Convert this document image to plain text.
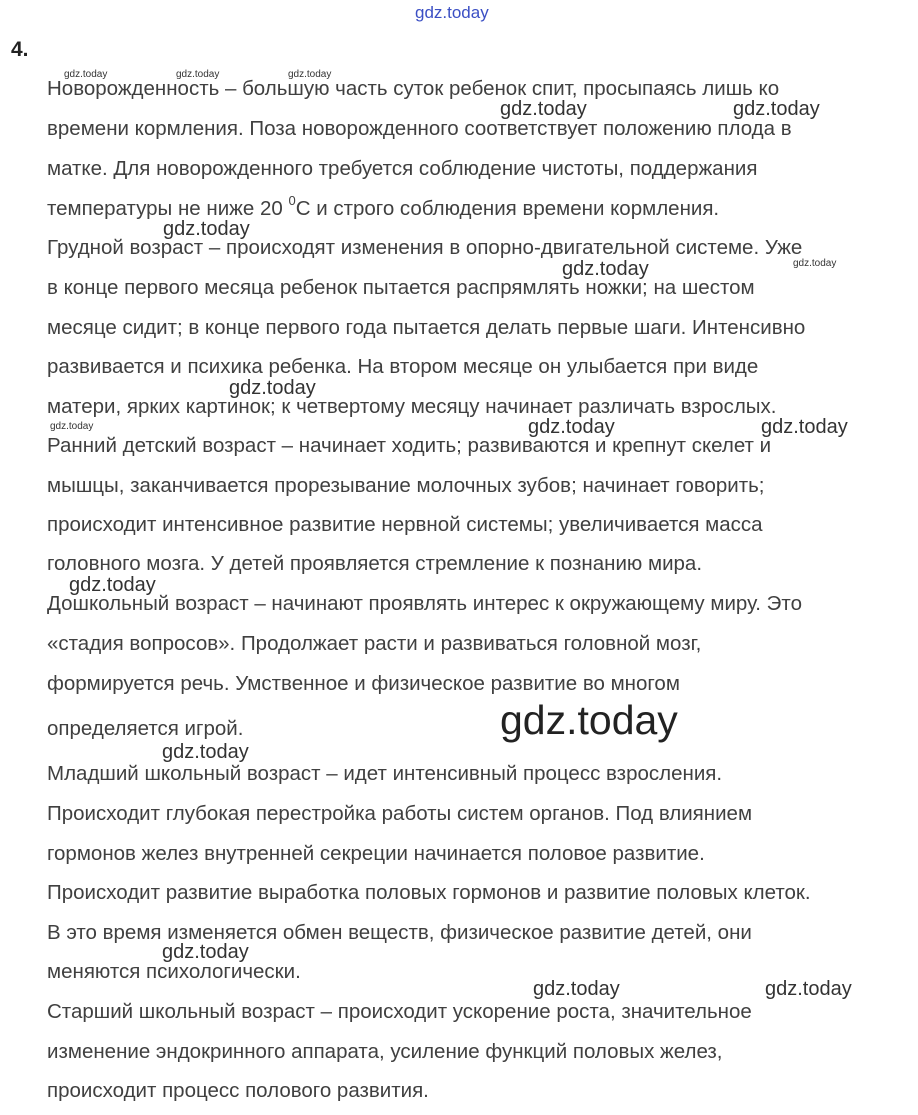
gdz.today
4.
Новорожденность – большую часть суток ребенок спит, просыпаясь лишь ко
времени кормления. Поза новорожденного соответствует положению плода в
матке. Для новорожденного требуется соблюдение чистоты, поддержания
температуры не ниже 20 $^0$С и строго соблюдения времени кормления.
Грудной возраст – происходят изменения в опорно-двигательной системе. Уже
в конце первого месяца ребенок пытается распрямлять ножки; на шестом
месяце сидит; в конце первого года пытается делать первые шаги. Интенсивно
развивается и психика ребенка. На втором месяце он улыбается при виде
матери, ярких картинок; к четвертому месяцу начинает различать взрослых.
Ранний детский возраст – начинает ходить; развиваются и крепнут скелет и
мышцы, заканчивается прорезывание молочных зубов; начинает говорить;
происходит интенсивное развитие нервной системы; увеличивается масса
головного мозга. У детей проявляется стремление к познанию мира.
Дошкольный возраст – начинают проявлять интерес к окружающему миру. Это
«стадия вопросов». Продолжает расти и развиваться головной мозг,
формируется речь. Умственное и физическое развитие во многом
определяется игрой.
Младший школьный возраст – идет интенсивный процесс взросления.
Происходит глубокая перестройка работы систем органов. Под влиянием
гормонов желез внутренней секреции начинается половое развитие.
Происходит развитие выработка половых гормонов и развитие половых клеток.
В это время изменяется обмен веществ, физическое развитие детей, они
меняются психологически.
Старший школьный возраст – происходит ускорение роста, значительное
изменение эндокринного аппарата, усиление функций половых желез,
происходит процесс полового развития.
gdz.today	gdz.today	gdz.today
gdz.today	gdz.today
gdz.today
gdz.today	gdz.today
gdz.today
gdz.today	gdz.today	gdz.today
gdz.today
gdz.today
gdz.today
gdz.today
gdz.today	gdz.today
